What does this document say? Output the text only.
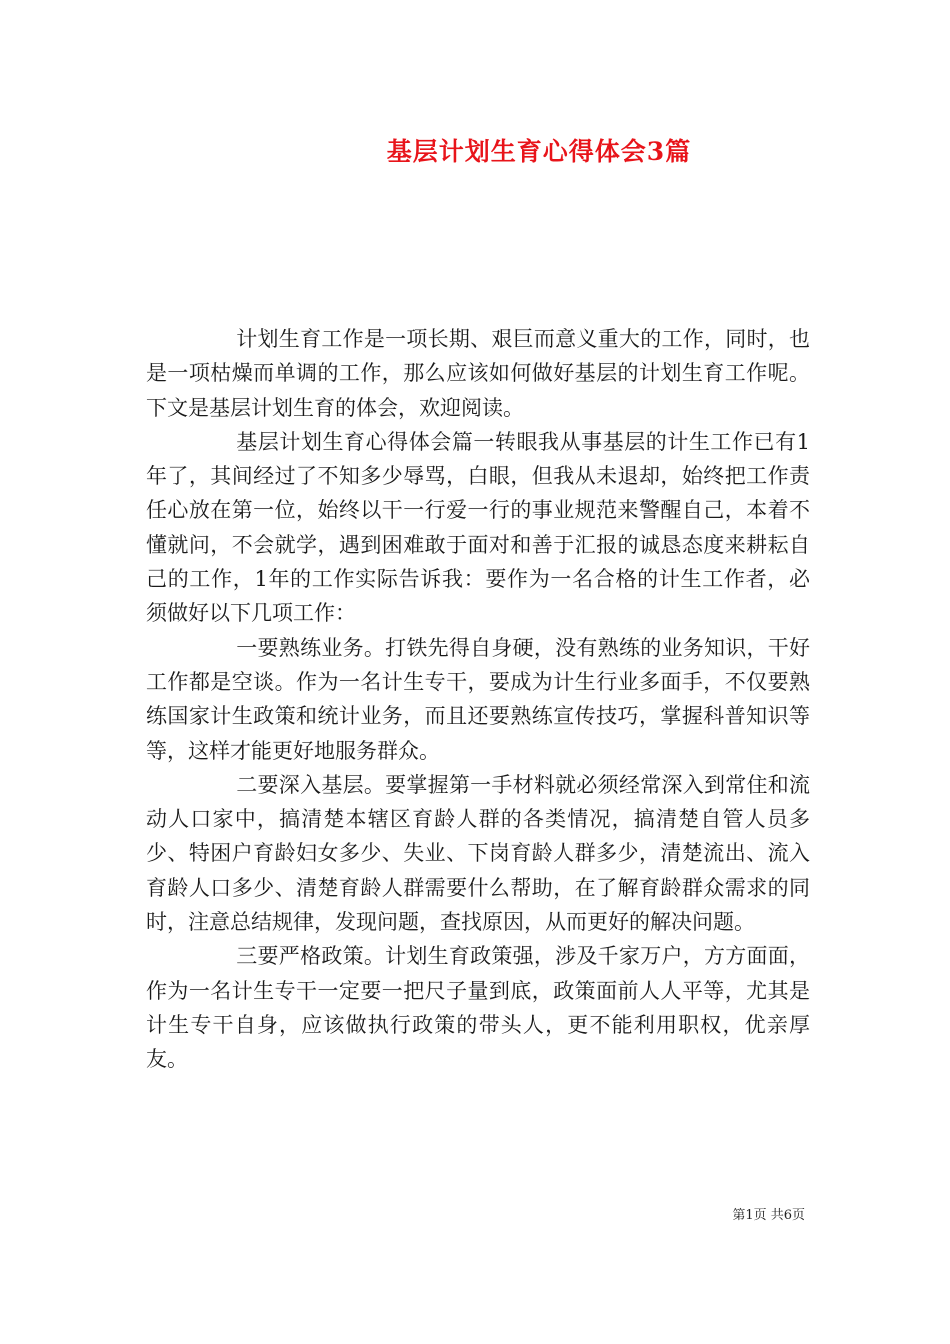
基层计划生育心得体会3篇

计划生育工作是一项长期、艰巨而意义重大的工作，同时，也是一项枯燥而单调的工作，那么应该如何做好基层的计划生育工作呢。下文是基层计划生育的体会，欢迎阅读。

基层计划生育心得体会篇一转眼我从事基层的计生工作已有1年了，其间经过了不知多少辱骂，白眼，但我从未退却，始终把工作责任心放在第一位，始终以干一行爱一行的事业规范来警醒自己，本着不懂就问，不会就学，遇到困难敢于面对和善于汇报的诚恳态度来耕耘自己的工作，1年的工作实际告诉我：要作为一名合格的计生工作者，必须做好以下几项工作：

一要熟练业务。打铁先得自身硬，没有熟练的业务知识，干好工作都是空谈。作为一名计生专干，要成为计生行业多面手，不仅要熟练国家计生政策和统计业务，而且还要熟练宣传技巧，掌握科普知识等等，这样才能更好地服务群众。

二要深入基层。要掌握第一手材料就必须经常深入到常住和流动人口家中，搞清楚本辖区育龄人群的各类情况，搞清楚自管人员多少、特困户育龄妇女多少、失业、下岗育龄人群多少，清楚流出、流入育龄人口多少、清楚育龄人群需要什么帮助，在了解育龄群众需求的同时，注意总结规律，发现问题，查找原因，从而更好的解决问题。

三要严格政策。计划生育政策强，涉及千家万户，方方面面，作为一名计生专干一定要一把尺子量到底，政策面前人人平等，尤其是计生专干自身，应该做执行政策的带头人，更不能利用职权，优亲厚友。

第1页 共6页
